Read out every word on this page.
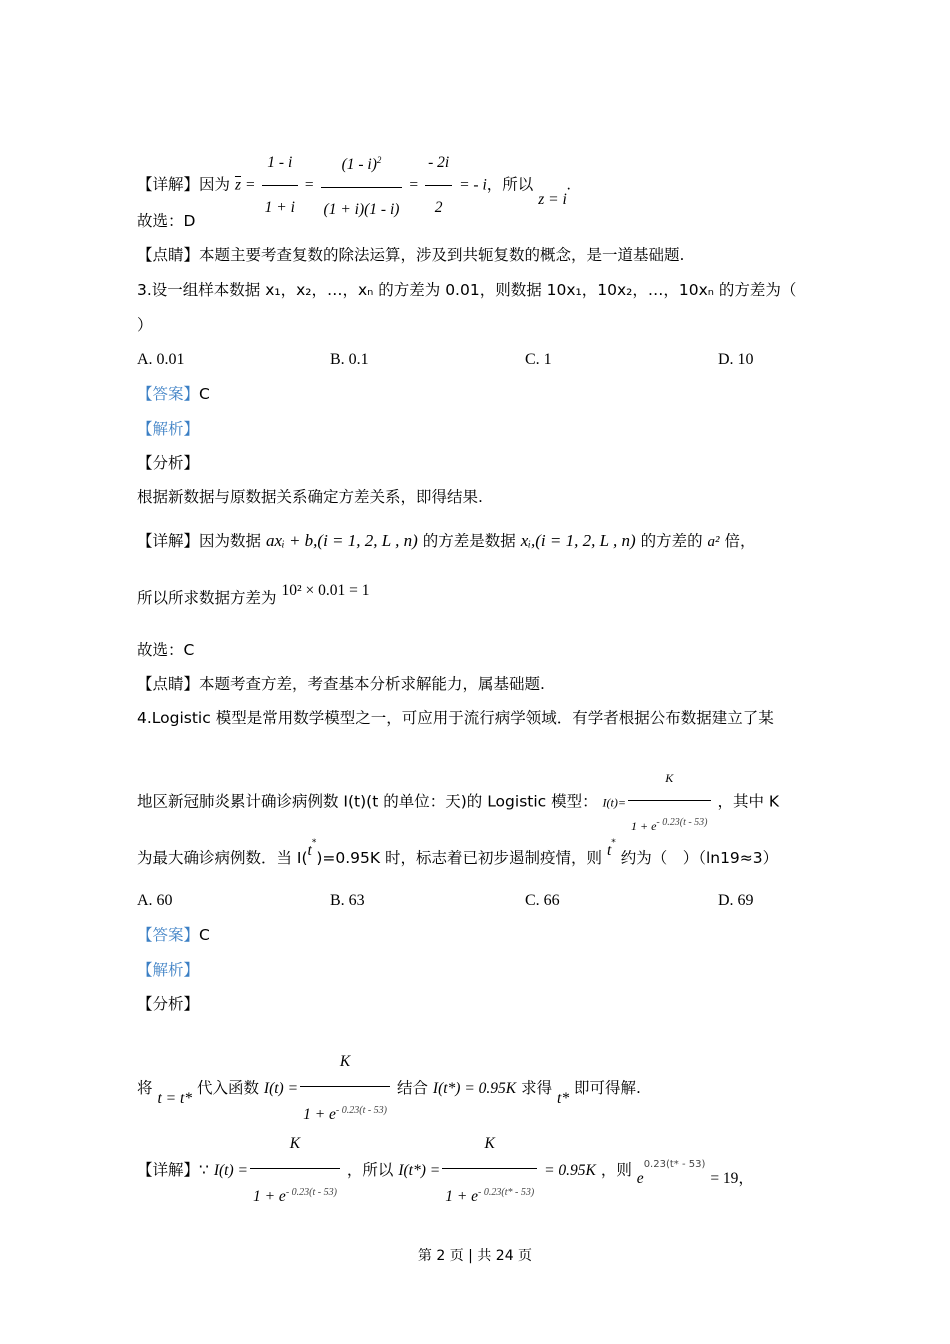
【详解】因为 $\overline{z} = \frac{1 - i}{1 + i} = \frac{(1 - i)^2}{(1 + i)(1 - i)} = \frac{- 2i}{2}$ = - i，所以 z = i.
故选：D
【点睛】本题主要考查复数的除法运算，涉及到共轭复数的概念，是一道基础题.
3.设一组样本数据 x₁，x₂，…，xₙ 的方差为 0.01，则数据 10x₁，10x₂，…，10xₙ 的方差为（
）
A. 0.01	B. 0.1	C. 1	D. 10
【答案】C
【解析】
【分析】
根据新数据与原数据关系确定方差关系，即得结果.
【详解】因为数据 axᵢ + b,(i = 1, 2, L , n) 的方差是数据 xᵢ,(i = 1, 2, L , n) 的方差的 a² 倍，
所以所求数据方差为 10² × 0.01 = 1
故选：C
【点睛】本题考查方差，考查基本分析求解能力，属基础题.
4.Logistic 模型是常用数学模型之一，可应用于流行病学领域．有学者根据公布数据建立了某
地区新冠肺炎累计确诊病例数 I(t)(t 的单位：天)的 Logistic 模型： $I(t)= \frac{K}{1 + e^{- 0.23(t - 53)}}$ ，其中 K
为最大确诊病例数．当 I(t*)=0.95K 时，标志着已初步遏制疫情，则 t* 约为（　）（ln19≈3）
A. 60	B. 63	C. 66	D. 69
【答案】C
【解析】
【分析】
将 t = t* 代入函数 $I(t) = \frac{K}{1 + e^{- 0.23(t - 53)}}$ 结合 I(t*) = 0.95K 求得 t* 即可得解.
【详解】∵ $I(t) = \frac{K}{1 + e^{- 0.23(t - 53)}}$ ，所以 $I(t*) = \frac{K}{1 + e^{- 0.23(t* - 53)}} = 0.95K$ ，则 $e^{0.23(t* - 53)} = 19$，
第 2 页 | 共 24 页
